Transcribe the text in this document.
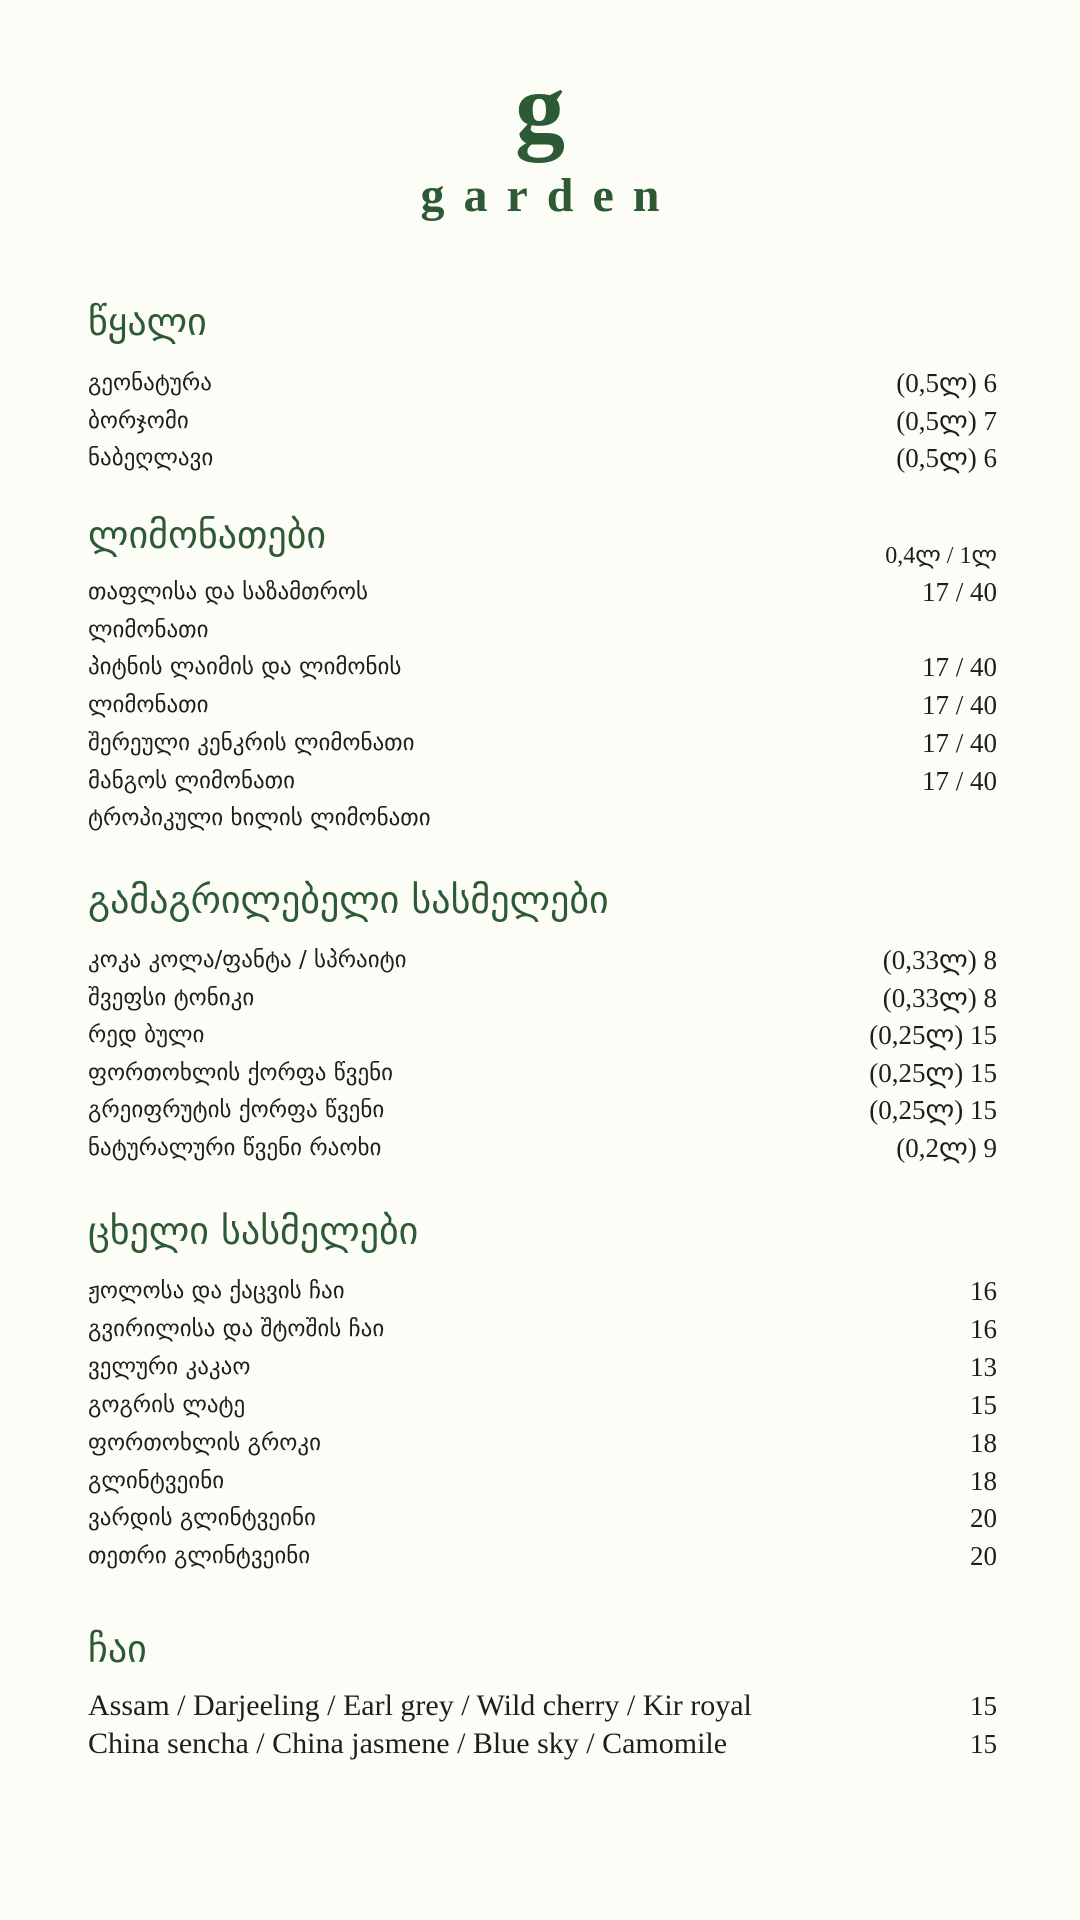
g
garden
წყალი
გეონატურა	(0,5ლ) 6
ბორჯომი	(0,5ლ) 7
ნაბეღლავი	(0,5ლ) 6
ლიმონათები	0,4ლ / 1ლ
თაფლისა და საზამთროს	17 / 40
ლიმონათი
პიტნის ლაიმის და ლიმონის	17 / 40
ლიმონათი	17 / 40
შერეული კენკრის ლიმონათი	17 / 40
მანგოს ლიმონათი	17 / 40
ტროპიკული ხილის ლიმონათი
გამაგრილებელი სასმელები
კოკა კოლა/ფანტა / სპრაიტი	(0,33ლ) 8
შვეფსი ტონიკი	(0,33ლ) 8
რედ ბული	(0,25ლ) 15
ფორთოხლის ქორფა წვენი	(0,25ლ) 15
გრეიფრუტის ქორფა წვენი	(0,25ლ) 15
ნატურალური წვენი რაოხი	(0,2ლ) 9
ცხელი სასმელები
ჟოლოსა და ქაცვის ჩაი	16
გვირილისა და შტოშის ჩაი	16
ველური კაკაო	13
გოგრის ლატე	15
ფორთოხლის გროკი	18
გლინტვეინი	18
ვარდის გლინტვეინი	20
თეთრი გლინტვეინი	20
ჩაი
Assam / Darjeeling / Earl grey / Wild cherry / Kir royal	15
China sencha / China jasmene / Blue sky / Camomile	15
